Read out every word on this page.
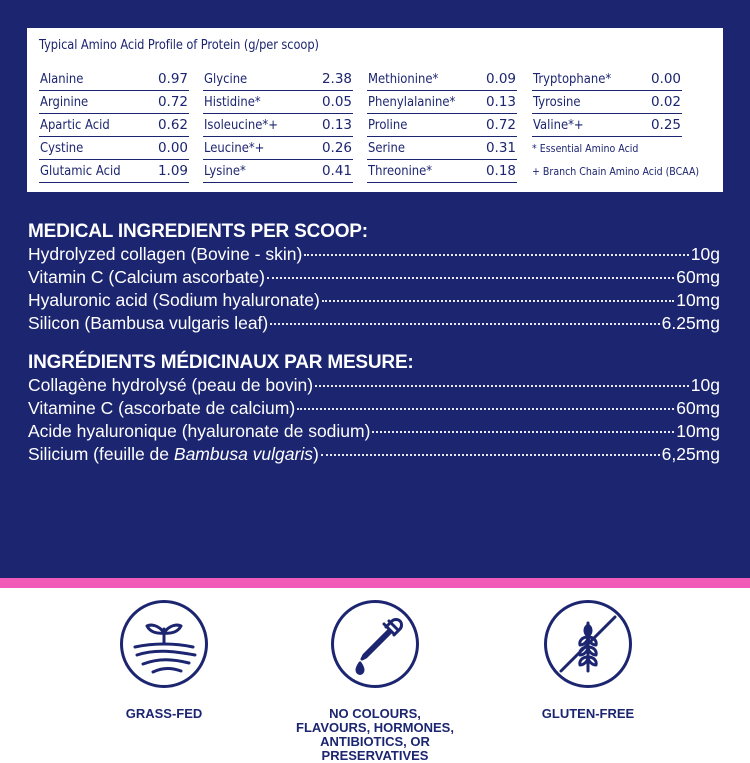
Typical Amino Acid Profile of Protein (g/per scoop)
Alanine	0.97
Arginine	0.72
Apartic Acid	0.62
Cystine	0.00
Glutamic Acid	1.09
Glycine	2.38
Histidine*	0.05
Isoleucine*+	0.13
Leucine*+	0.26
Lysine*	0.41
Methionine*	0.09
Phenylalanine* 0.13
Proline	0.72
Serine	0.31
Threonine*	0.18
Tryptophane*	0.00
Tyrosine	0.02
Valine*+	0.25
* Essential Amino Acid
+ Branch Chain Amino Acid (BCAA)
MEDICAL INGREDIENTS PER SCOOP:
Hydrolyzed collagen (Bovine - skin)	10g
Vitamin C (Calcium ascorbate)	60mg
Hyaluronic acid (Sodium hyaluronate)	10mg
Silicon (Bambusa vulgaris leaf)	6.25mg
INGRÉDIENTS MÉDICINAUX PAR MESURE:
Collagène hydrolysé (peau de bovin)	10g
Vitamine C (ascorbate de calcium)	60mg
Acide hyaluronique (hyaluronate de sodium)	10mg
Silicium (feuille de Bambusa vulgaris)	6,25mg
GRASS-FED	NO COLOURS, FLAVOURS, HORMONES,
ANTIBIOTICS, OR PRESERVATIVES
GLUTEN-FREE
